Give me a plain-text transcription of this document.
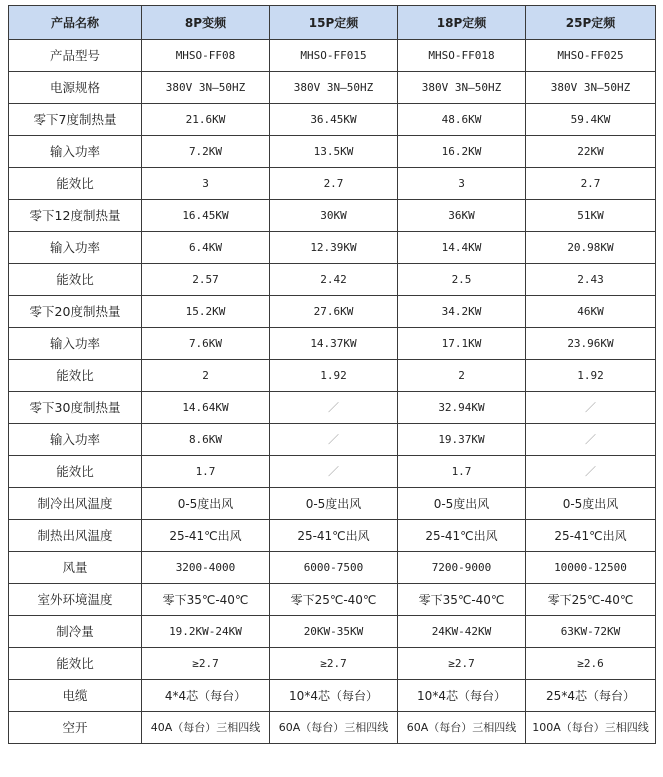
产品名称	8P变频	15P定频	18P定频	25P定频
产品型号	MHSO-FF08	MHSO-FF015	MHSO-FF018	MHSO-FF025
电源规格	380V 3N—50HZ	380V 3N—50HZ	380V 3N—50HZ	380V 3N—50HZ
零下7度制热量	21.6KW	36.45KW	48.6KW	59.4KW
输入功率	7.2KW	13.5KW	16.2KW	22KW
能效比	3	2.7	3	2.7
零下12度制热量	16.45KW	30KW	36KW	51KW
输入功率	6.4KW	12.39KW	14.4KW	20.98KW
能效比	2.57	2.42	2.5	2.43
零下20度制热量	15.2KW	27.6KW	34.2KW	46KW
输入功率	7.6KW	14.37KW	17.1KW	23.96KW
能效比	2	1.92	2	1.92
零下30度制热量	14.64KW	／	32.94KW	／
输入功率	8.6KW	／	19.37KW	／
能效比	1.7	／	1.7	／
制冷出风温度	0-5度出风	0-5度出风	0-5度出风	0-5度出风
制热出风温度	25-41℃出风	25-41℃出风	25-41℃出风	25-41℃出风
风量	3200-4000	6000-7500	7200-9000	10000-12500
室外环境温度	零下35℃-40℃	零下25℃-40℃	零下35℃-40℃	零下25℃-40℃
制冷量	19.2KW-24KW	20KW-35KW	24KW-42KW	63KW-72KW
能效比	≥2.7	≥2.7	≥2.7	≥2.6
电缆	4*4芯（每台）	10*4芯（每台）	10*4芯（每台）	25*4芯（每台）
空开	40A（每台）三相四线	60A（每台）三相四线	60A（每台）三相四线	100A（每台）三相四线
